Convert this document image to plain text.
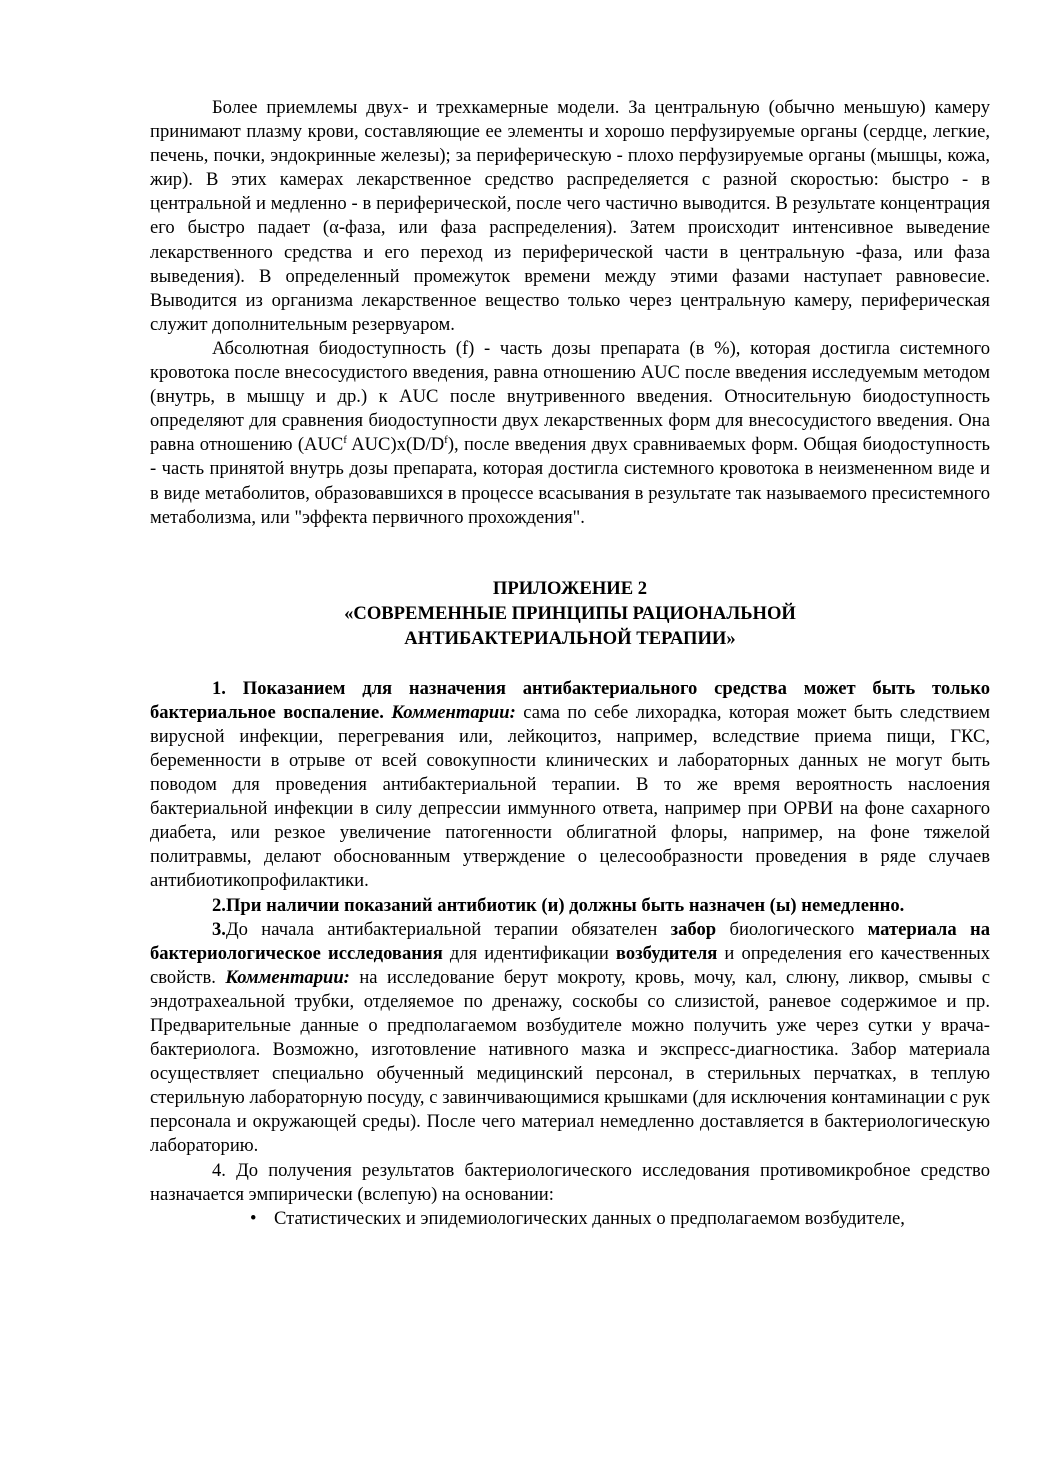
Более приемлемы двух- и трехкамерные модели. За центральную (обычно меньшую) камеру принимают плазму крови, составляющие ее элементы и хорошо перфузируемые органы (сердце, легкие, печень, почки, эндокринные железы); за периферическую - плохо перфузируемые органы (мышцы, кожа, жир). В этих камерах лекарственное средство распределяется с разной скоростью: быстро - в центральной и медленно - в периферической, после чего частично выводится. В результате концентрация его быстро падает (α-фаза, или фаза распределения). Затем происходит интенсивное выведение лекарственного средства и его переход из периферической части в центральную -фаза, или фаза выведения). В определенный промежуток времени между этими фазами наступает равновесие. Выводится из организма лекарственное вещество только через центральную камеру, периферическая служит дополнительным резервуаром.

Абсолютная биодоступность (f) - часть дозы препарата (в %), которая достигла системного кровотока после внесосудистого введения, равна отношению AUC после введения исследуемым методом (внутрь, в мышцу и др.) к AUC после внутривенного введения. Относительную биодоступность определяют для сравнения биодоступности двух лекарственных форм для внесосудистого введения. Она равна отношению (AUC$^f$ $AUC)x(D/D^f)$, после введения двух сравниваемых форм. Общая биодоступность - часть принятой внутрь дозы препарата, которая достигла системного кровотока в неизмененном виде и в виде метаболитов, образовавшихся в процессе всасывания в результате так называемого пресистемного метаболизма, или "эффекта первичного прохождения".

ПРИЛОЖЕНИЕ 2
«СОВРЕМЕННЫЕ ПРИНЦИПЫ РАЦИОНАЛЬНОЙ
АНТИБАКТЕРИАЛЬНОЙ ТЕРАПИИ»

1. Показанием для назначения антибактериального средства может быть только бактериальное воспаление. Комментарии: сама по себе лихорадка, которая может быть следствием вирусной инфекции, перегревания или, лейкоцитоз, например, вследствие приема пищи, ГКС, беременности в отрыве от всей совокупности клинических и лабораторных данных не могут быть поводом для проведения антибактериальной терапии. В то же время вероятность наслоения бактериальной инфекции в силу депрессии иммунного ответа, например при ОРВИ на фоне сахарного диабета, или резкое увеличение патогенности облигатной флоры, например, на фоне тяжелой политравмы, делают обоснованным утверждение о целесообразности проведения в ряде случаев антибиотикопрофилактики.

2.При наличии показаний антибиотик (и) должны быть назначен (ы) немедленно.

3.До начала антибактериальной терапии обязателен забор биологического материала на бактериологическое исследования для идентификации возбудителя и определения его качественных свойств. Комментарии: на исследование берут мокроту, кровь, мочу, кал, слюну, ликвор, смывы с эндотрахеальной трубки, отделяемое по дренажу, соскобы со слизистой, раневое содержимое и пр. Предварительные данные о предполагаемом возбудителе можно получить уже через сутки у врача-бактериолога. Возможно, изготовление нативного мазка и экспресс-диагностика. Забор материала осуществляет специально обученный медицинский персонал, в стерильных перчатках, в теплую стерильную лабораторную посуду, с завинчивающимися крышками (для исключения контаминации с рук персонала и окружающей среды). После чего материал немедленно доставляется в бактериологическую лабораторию.

4. До получения результатов бактериологического исследования противомикробное средство назначается эмпирически (вслепую) на основании:

• Статистических и эпидемиологических данных о предполагаемом возбудителе,
